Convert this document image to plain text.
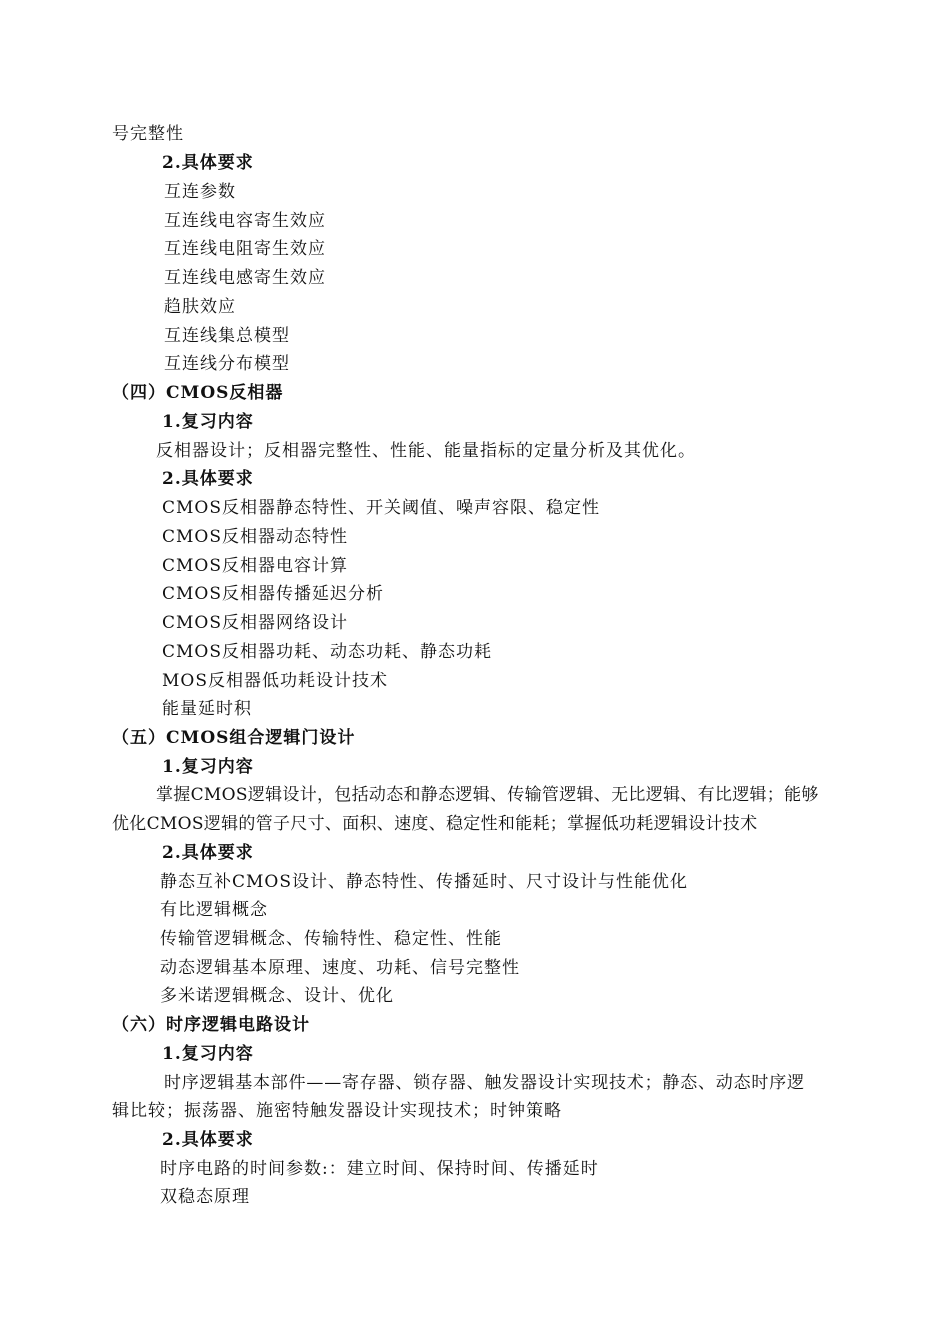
号完整性
2.具体要求
互连参数
互连线电容寄生效应
互连线电阻寄生效应
互连线电感寄生效应
趋肤效应
互连线集总模型
互连线分布模型
（四）CMOS反相器
1.复习内容
反相器设计；反相器完整性、性能、能量指标的定量分析及其优化。
2.具体要求
CMOS反相器静态特性、开关阈值、噪声容限、稳定性
CMOS反相器动态特性
CMOS反相器电容计算
CMOS反相器传播延迟分析
CMOS反相器网络设计
CMOS反相器功耗、动态功耗、静态功耗
MOS反相器低功耗设计技术
能量延时积
（五）CMOS组合逻辑门设计
1.复习内容
掌握CMOS逻辑设计，包括动态和静态逻辑、传输管逻辑、无比逻辑、有比逻辑；能够
优化CMOS逻辑的管子尺寸、面积、速度、稳定性和能耗；掌握低功耗逻辑设计技术
2.具体要求
静态互补CMOS设计、静态特性、传播延时、尺寸设计与性能优化
有比逻辑概念
传输管逻辑概念、传输特性、稳定性、性能
动态逻辑基本原理、速度、功耗、信号完整性
多米诺逻辑概念、设计、优化
（六）时序逻辑电路设计
1.复习内容
时序逻辑基本部件——寄存器、锁存器、触发器设计实现技术；静态、动态时序逻
辑比较；振荡器、施密特触发器设计实现技术；时钟策略
2.具体要求
时序电路的时间参数:：建立时间、保持时间、传播延时
双稳态原理
